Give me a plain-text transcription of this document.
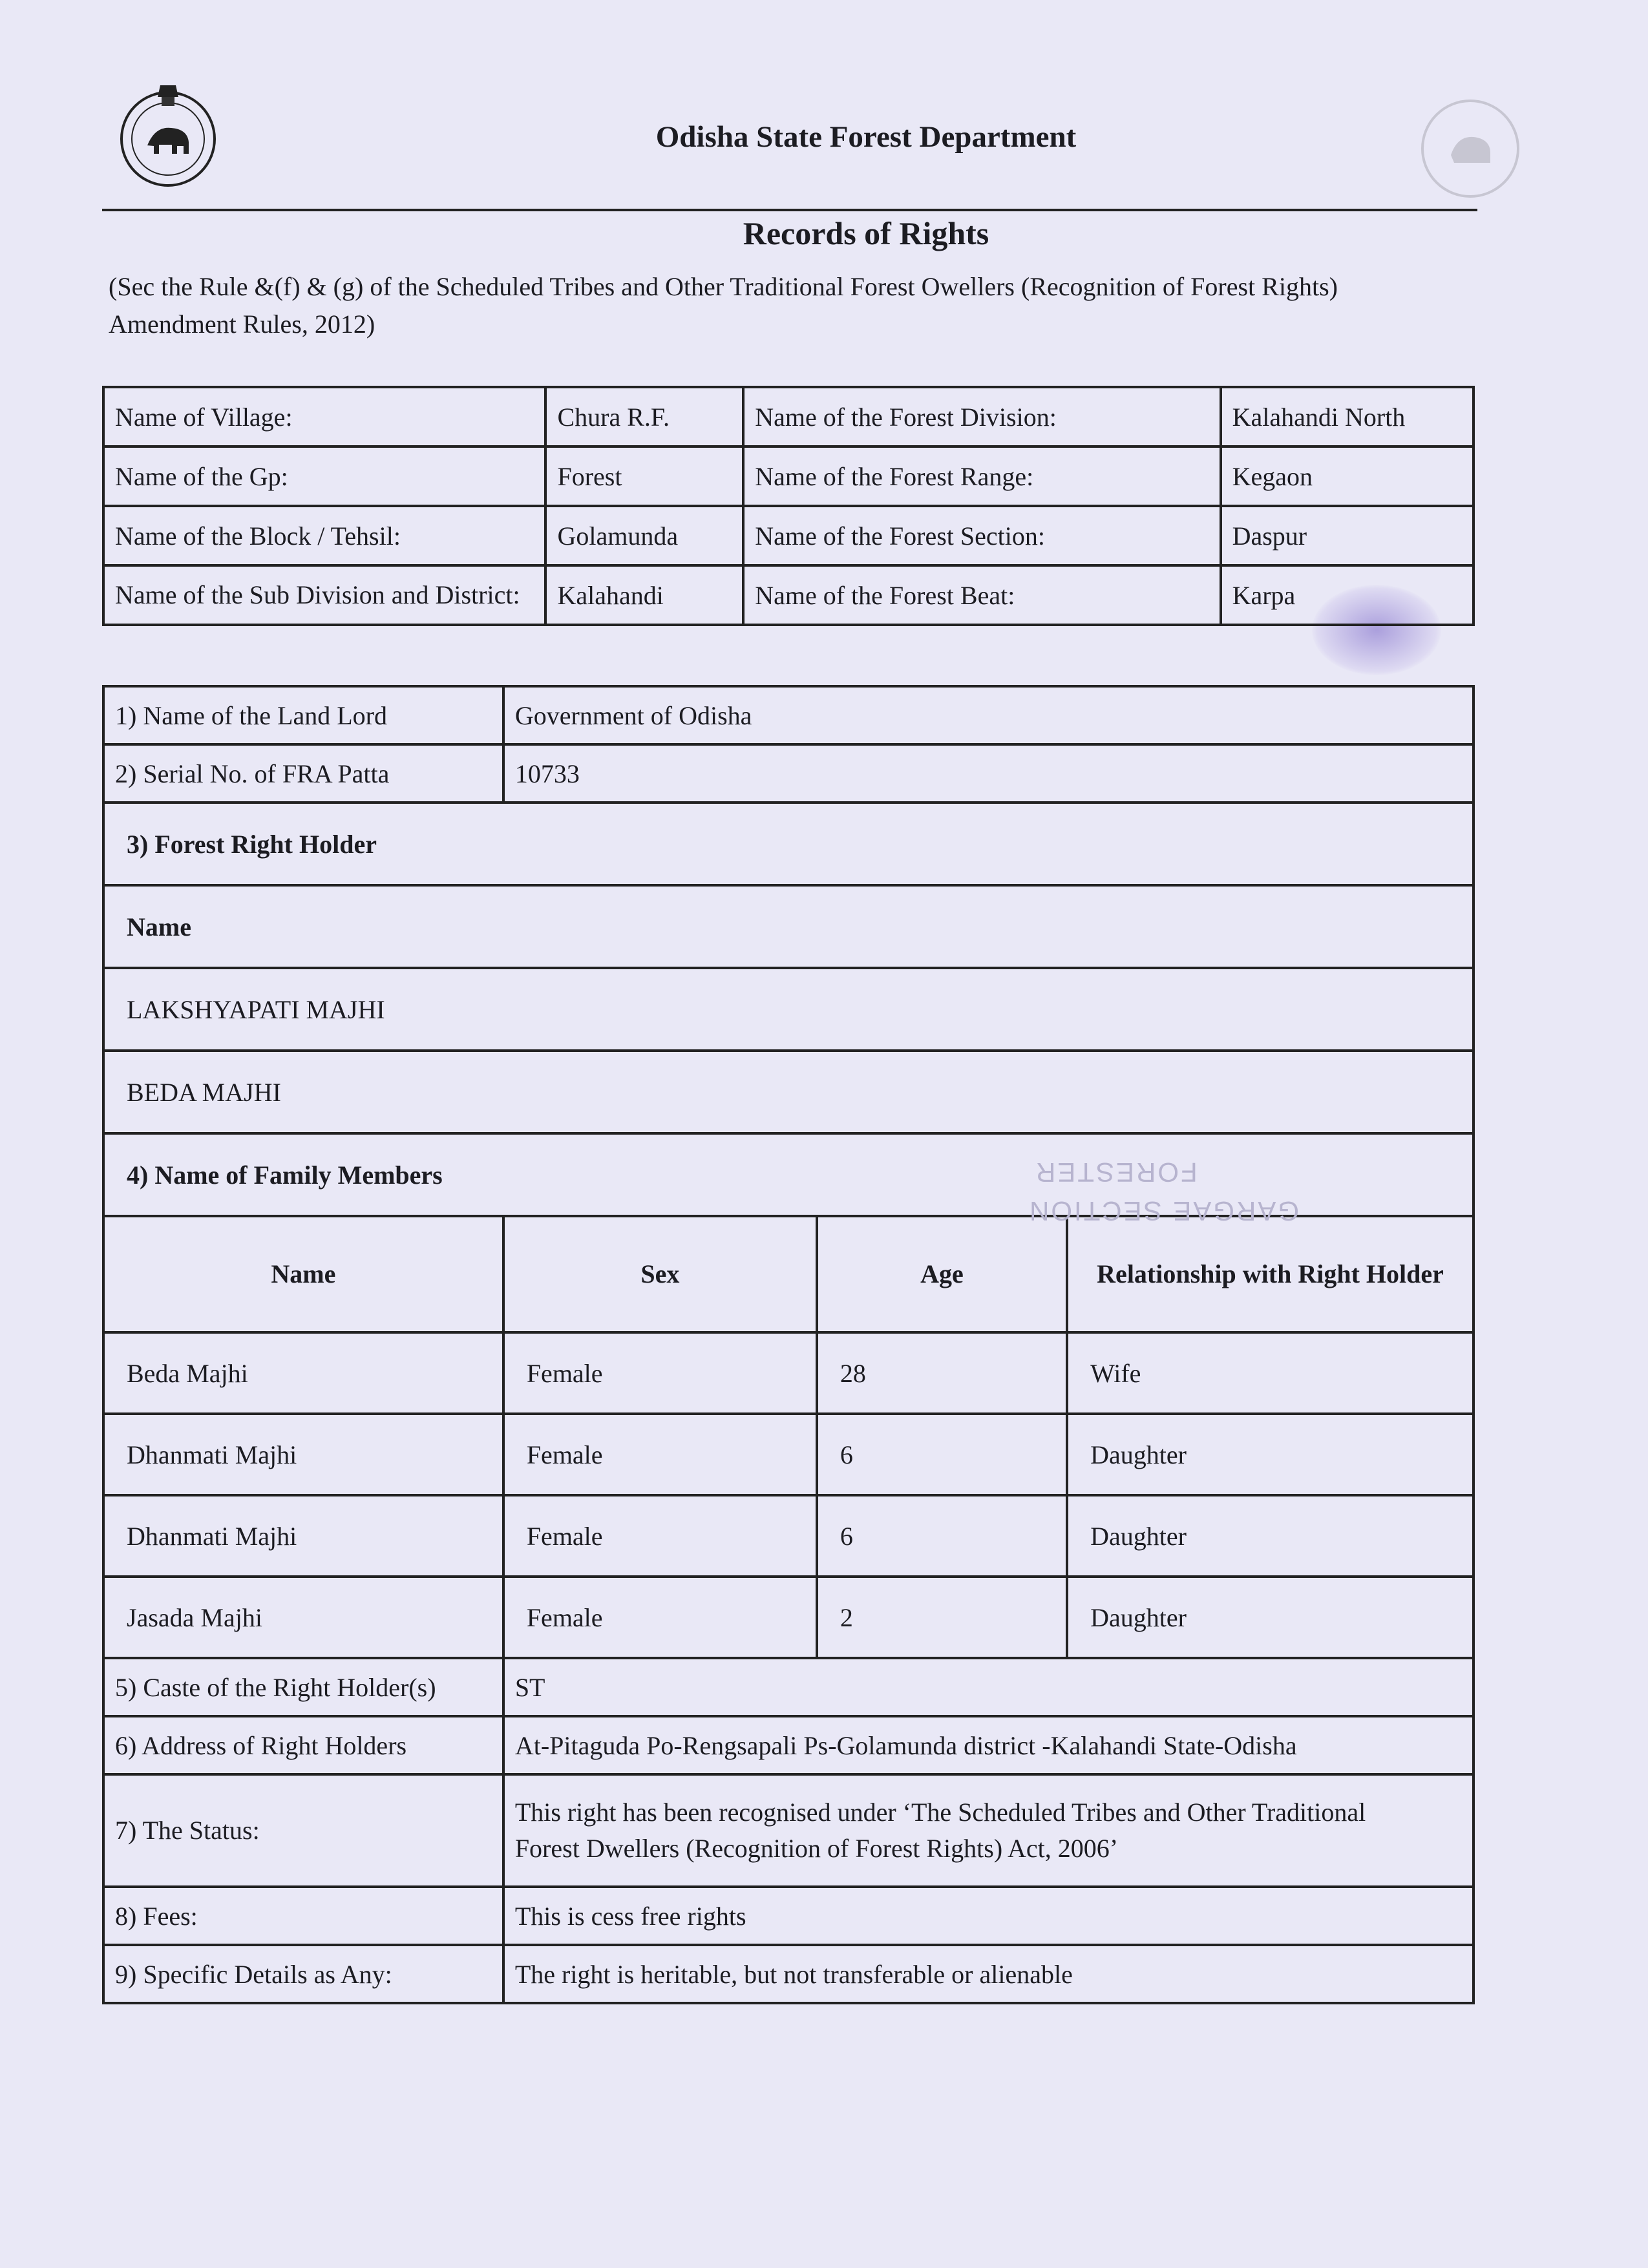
Odisha State Forest Department
Records of Rights
(Sec the Rule &(f) & (g) of the Scheduled Tribes and Other Traditional Forest Owellers (Recognition of Forest Rights) Amendment Rules, 2012)
Name of Village:	Chura R.F.	Name of the Forest Division:	Kalahandi North
Name of the Gp:	Forest	Name of the Forest Range:	Kegaon
Name of the Block / Tehsil:	Golamunda	Name of the Forest Section:	Daspur
Name of the Sub Division and District:	Kalahandi	Name of the Forest Beat:	Karpa
1) Name of the Land Lord	Government of Odisha		
2) Serial No. of FRA Patta	10733		
3) Forest Right Holder			
Name			
LAKSHYAPATI MAJHI			
BEDA MAJHI			
4) Name of Family Members			
Name	Sex	Age	Relationship with Right Holder
Beda Majhi	Female	28	Wife
Dhanmati Majhi	Female	6	Daughter
Dhanmati Majhi	Female	6	Daughter
Jasada Majhi	Female	2	Daughter
5) Caste of the Right Holder(s)	ST		
6) Address of Right Holders	At-Pitaguda Po-Rengsapali Ps-Golamunda district -Kalahandi State-Odisha		
7) The Status:	This right has been recognised under ‘The Scheduled Tribes and Other Traditional
Forest Dwellers (Recognition of Forest Rights) Act, 2006’		

8) Fees:	This is cess free rights		
9) Specific Details as Any:	The right is heritable, but not transferable or alienable		
FORESTER
GARGAE SECTION
